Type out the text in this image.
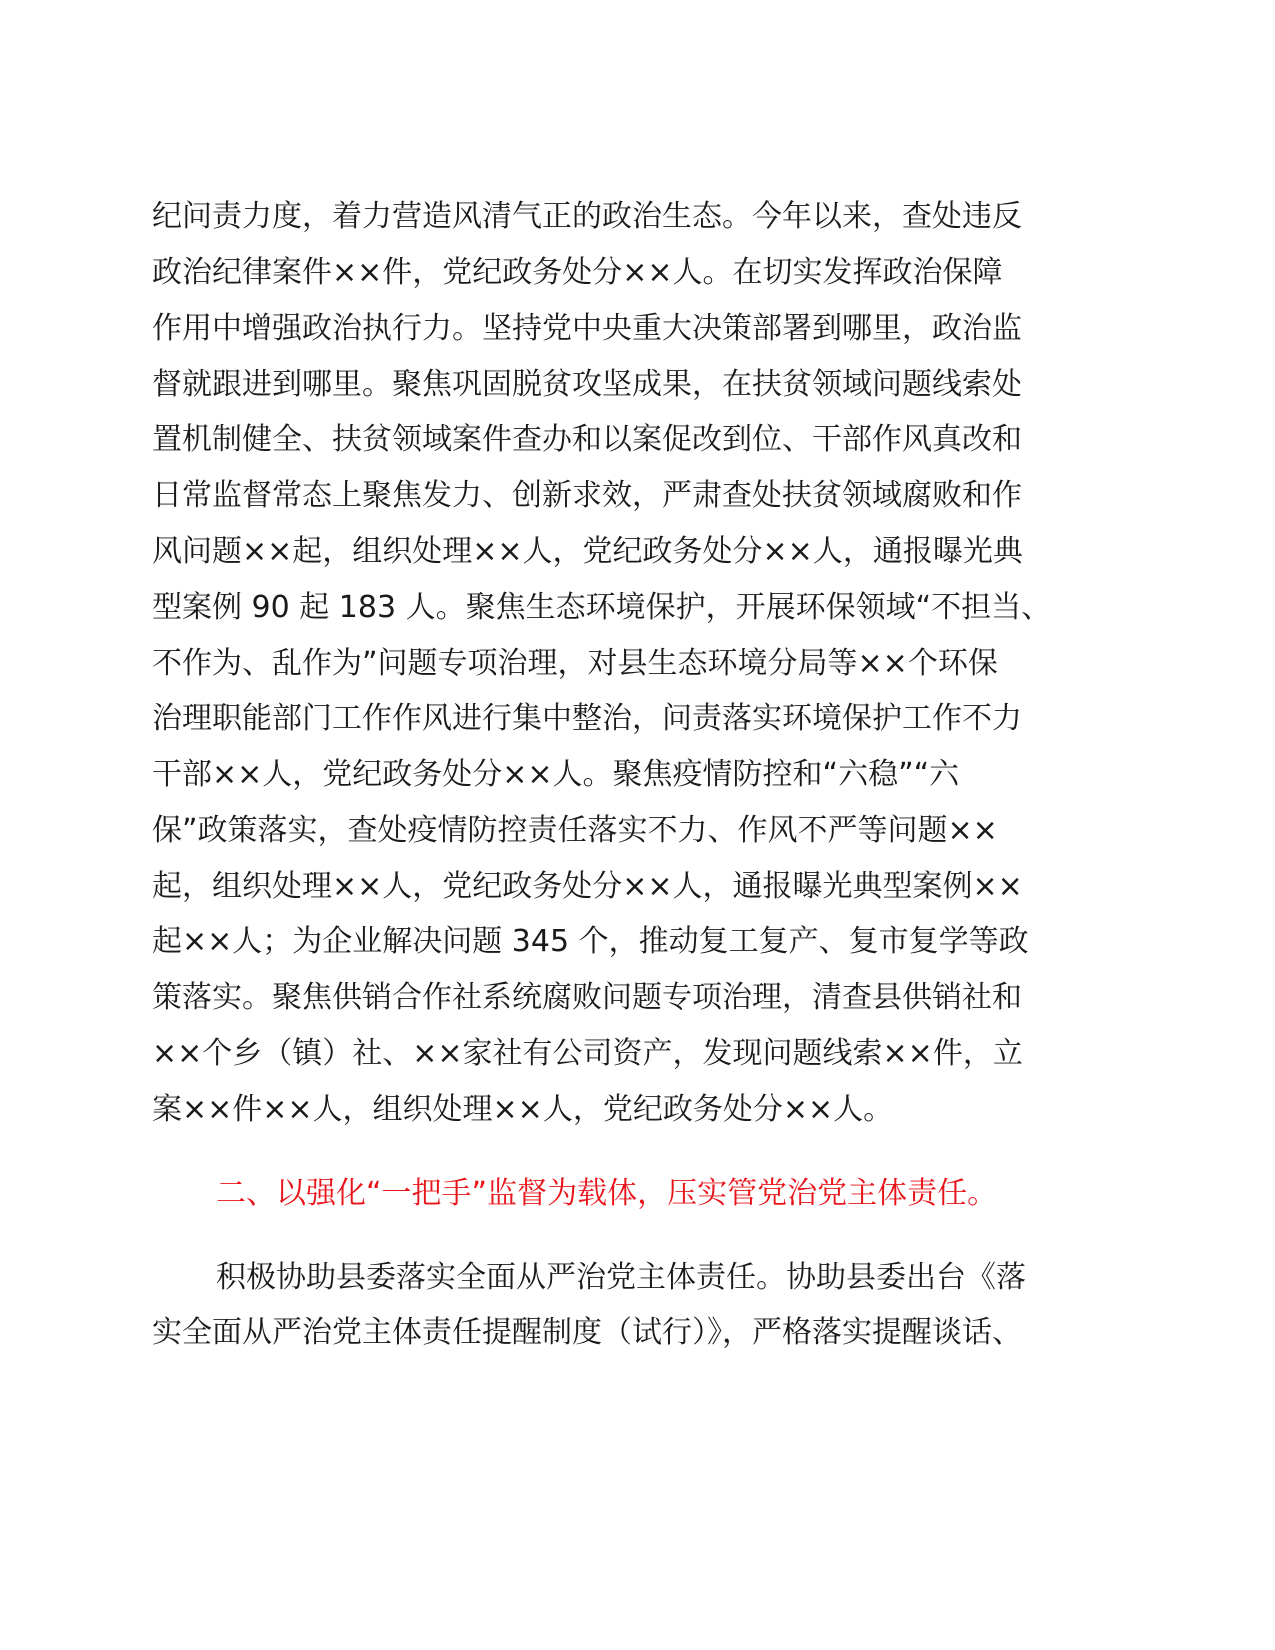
纪问责力度，着力营造风清气正的政治生态。今年以来，查处违反
政治纪律案件××件，党纪政务处分××人。在切实发挥政治保障
作用中增强政治执行力。坚持党中央重大决策部署到哪里，政治监
督就跟进到哪里。聚焦巩固脱贫攻坚成果，在扶贫领域问题线索处
置机制健全、扶贫领域案件查办和以案促改到位、干部作风真改和
日常监督常态上聚焦发力、创新求效，严肃查处扶贫领域腐败和作
风问题××起，组织处理××人，党纪政务处分××人，通报曝光典
型案例 90 起 183 人。聚焦生态环境保护，开展环保领域“不担当、
不作为、乱作为”问题专项治理，对县生态环境分局等××个环保
治理职能部门工作作风进行集中整治，问责落实环境保护工作不力
干部××人，党纪政务处分××人。聚焦疫情防控和“六稳”“六
保”政策落实，查处疫情防控责任落实不力、作风不严等问题××
起，组织处理××人，党纪政务处分××人，通报曝光典型案例××
起××人；为企业解决问题 345 个，推动复工复产、复市复学等政
策落实。聚焦供销合作社系统腐败问题专项治理，清查县供销社和
××个乡（镇）社、××家社有公司资产，发现问题线索××件，立
案××件××人，组织处理××人，党纪政务处分××人。
二、以强化“一把手”监督为载体，压实管党治党主体责任。
积极协助县委落实全面从严治党主体责任。协助县委出台《落
实全面从严治党主体责任提醒制度（试行）》，严格落实提醒谈话、
